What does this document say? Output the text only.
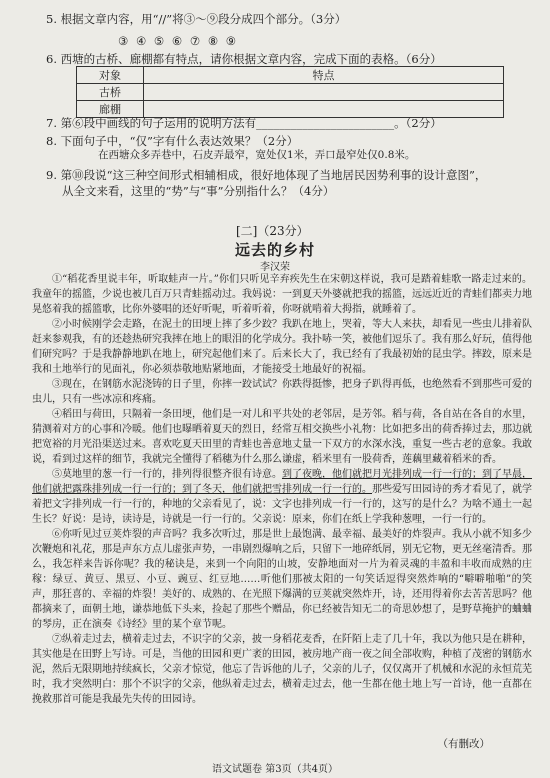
5. 根据文章内容，用“//”将③～⑨段分成四个部分。（3分）
③ ④ ⑤ ⑥ ⑦ ⑧ ⑨
6. 西塘的古桥、廊棚都有特点，请你根据文章内容，完成下面的表格。（6分）
对象	特点
古桥	
廊棚	
7. 第⑥段中画线的句子运用的说明方法有________________________。（2分）
8. 下面句子中，“仅”字有什么表达效果？（2分）
在西塘众多弄巷中，石皮弄最窄，宽处仅1米，弄口最窄处仅0.8米。
9. 第⑩段说“这三种空间形式相辅相成，很好地体现了当地居民因势利事的设计意图”，
从全文来看，这里的“势”与“事”分别指什么？（4分）
[二]（23分）
远去的乡村
李汉荣

①“稻花香里说丰年，听取蛙声一片。”你们只听见辛弃疾先生在宋朝这样说，我可是踏着蛙歌一路走过来的。我童年的摇篮，少说也被几百万只青蛙摇动过。我妈说：一到夏天外婆就把我的摇篮，远远近近的青蛙们都卖力地晃悠着我的摇篮歌，比你外婆唱的还好听呢，听着听着，你呀就啃着大拇指，就睡着了。

②小时候刚学会走路，在泥土的田埂上摔了多少跤？我趴在地上，哭着，等大人来扶，却看见一些虫儿排着队赶来参观我，有的还趁热研究我摔在地上的眼泪的化学成分。我扑哧一笑，被他们逗乐了。我有那么好玩，值得他们研究吗？于是我静静地趴在地上，研究起他们来了。后来长大了，我已经有了我最初始的昆虫学。摔跤，原来是我和土地举行的见面礼，你必须恭敬地贴紧地面，才能接受土地最好的祝福。

③现在，在钢筋水泥浇铸的日子里，你摔一跤试试？你跌得挺惨，把身子趴得再低，也绝然看不到那些可爱的虫儿，只有一些冰凉和疼痛。

④稻田与荷田，只隔着一条田埂，他们是一对儿和平共处的老邻居，是芳邻。稻与荷，各自站在各自的水里，猜测着对方的心事和冷暖。他们也曝晒着夏天的烈日，经常互相交换些小礼物：比如把多出的荷香捧过去，那边就把宽裕的月光沿渠送过来。喜欢吃夏天田里的青蛙也善意地丈量一下双方的水深水浅，重复一些古老的意象。我敢说，看到过这样的细节，我就完全懂得了稻穗为什么那么谦虚，稻米里有一股荷香，莲藕里藏着稻米的香。

⑤莫地里的葱一行一行的，排列得很整齐很有诗意。到了夜晚，他们就把月光排列成一行一行的；到了早晨，他们就把露珠排列成一行一行的；到了冬天，他们就把雪排列成一行一行的。那些爱写田园诗的秀才看见了，就学着把文字排列成一行一行的，种地的父亲看见了，说：文字也排列成一行一行的，这写的是什么？为啥不通土一起生长？好说：是诗，读诗是，诗就是一行一行的。父亲说：原来，你们在纸上学我种葱哩，一行一行的。

⑥你听见过豆荚炸裂的声音吗？我多次听过，那是世上最饱满、最幸福、最美好的炸裂声。我从小就不知多少次鞭炮和礼花，那是声东方点儿虚张声势，一串剧烈爆响之后，只留下一地碎纸屑，别无它物，更无丝毫清香。那么，我怎样来告诉你呢？我的秘诀是，来到一个向阳的山坡，安静地面对一片为着灵魂的丰盈和丰收而成熟的庄稼：绿豆、黄豆、黑豆、小豆、豌豆、红豆地……听他们那被太阳的一句笑话逗得突然炸响的“噼噼啪啪”的笑声，那狂喜的、幸福的炸裂！美好的、成熟的、在光照下爆满的豆荚就突然炸开，诗，还用得着你去苦苦思吗？他都摘来了，面朝土地，谦恭地低下头来，捡起了那些个赠品，你已经被告知无二的奇思妙想了，是野草掩护的蛐蛐的琴房，正在演奏《诗经》里的某个章节呢。

⑦纵着走过去，横着走过去，不识字的父亲，披一身稻花麦香，在阡陌上走了几十年，我以为他只是在耕种，其实他是在田野上写诗。可是，当他的田园和更广袤的田园，被房地产商一夜之间全部收购，种植了茂密的钢筋水泥，然后无限期地持续疯长，父亲才惊觉，他忘了告诉他的儿子，父亲的儿子，仅仅离开了机械和水泥的永恒荒芜时，我才突然明白：那个不识字的父亲，他纵着走过去，横着走过去，他一生都在他土地上写一首诗，他一直都在挽救那首可能是我最先失传的田园诗。

（有删改）
语文试题卷 第3页（共4页）
